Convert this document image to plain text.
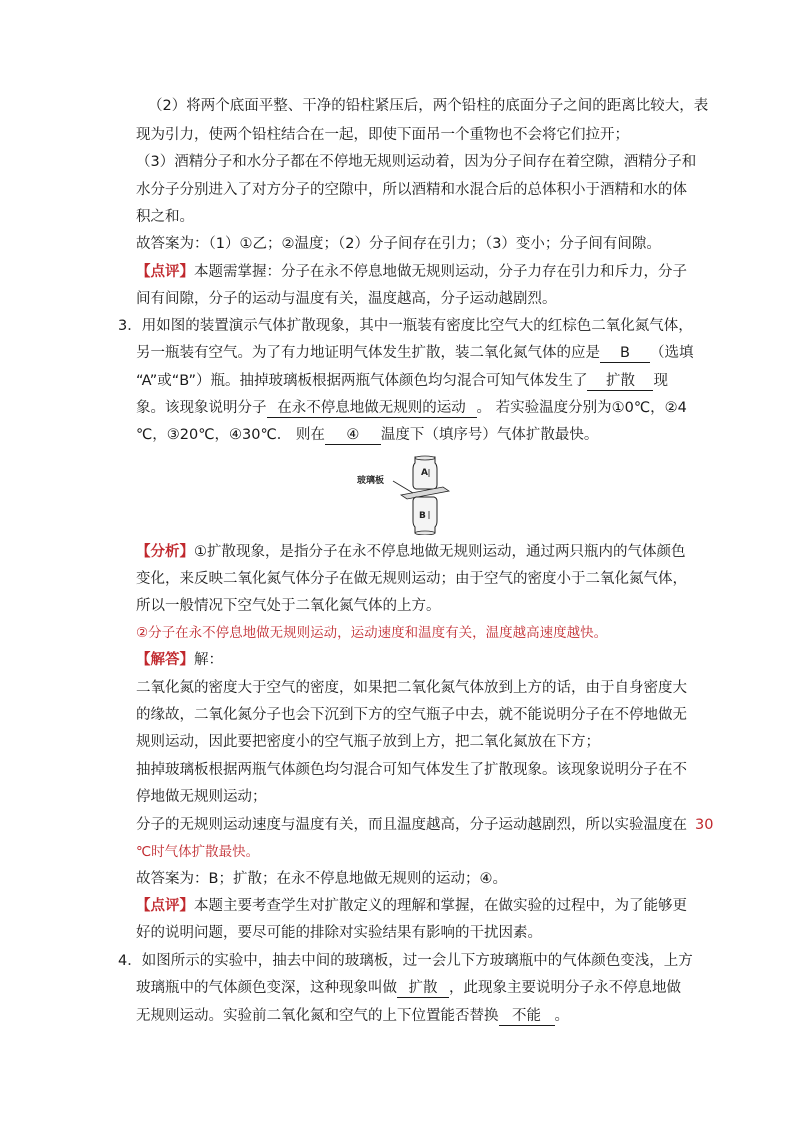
（2）将两个底面平整、干净的铅柱紧压后，两个铅柱的底面分子之间的距离比较大，表
现为引力，使两个铅柱结合在一起，即使下面吊一个重物也不会将它们拉开；
（3）酒精分子和水分子都在不停地无规则运动着，因为分子间存在着空隙，酒精分子和
水分子分别进入了对方分子的空隙中，所以酒精和水混合后的总体积小于酒精和水的体
积之和。
故答案为：（1）①乙；②温度；（2）分子间存在引力；（3）变小；分子间有间隙。
【点评】本题需掌握：分子在永不停息地做无规则运动，分子力存在引力和斥力，分子
间有间隙，分子的运动与温度有关，温度越高，分子运动越剧烈。
3．用如图的装置演示气体扩散现象，其中一瓶装有密度比空气大的红棕色二氧化氮气体，
另一瓶装有空气。为了有力地证明气体发生扩散，装二氧化氮气体的应是 B （选填
“A”或“B”）瓶。抽掉玻璃板根据两瓶气体颜色均匀混合可知气体发生了 扩散 现
象。该现象说明分子 在永不停息地做无规则的运动 。 若实验温度分别为①0℃，②4
℃，③20℃，④30℃． 则在 ④ 温度下（填序号）气体扩散最快。
A
玻璃板
B
【分析】①扩散现象，是指分子在永不停息地做无规则运动，通过两只瓶内的气体颜色
变化，来反映二氧化氮气体分子在做无规则运动；由于空气的密度小于二氧化氮气体，
所以一般情况下空气处于二氧化氮气体的上方。
②分子在永不停息地做无规则运动，运动速度和温度有关，温度越高速度越快。
【解答】解：
二氧化氮的密度大于空气的密度，如果把二氧化氮气体放到上方的话，由于自身密度大
的缘故，二氧化氮分子也会下沉到下方的空气瓶子中去，就不能说明分子在不停地做无
规则运动，因此要把密度小的空气瓶子放到上方，把二氧化氮放在下方；
抽掉玻璃板根据两瓶气体颜色均匀混合可知气体发生了扩散现象。该现象说明分子在不
停地做无规则运动；
分子的无规则运动速度与温度有关，而且温度越高，分子运动越剧烈，所以实验温度在 30
℃时气体扩散最快。
故答案为：B；扩散；在永不停息地做无规则的运动；④。
【点评】本题主要考查学生对扩散定义的理解和掌握，在做实验的过程中，为了能够更
好的说明问题，要尽可能的排除对实验结果有影响的干扰因素。
4．如图所示的实验中，抽去中间的玻璃板，过一会儿下方玻璃瓶中的气体颜色变浅，上方
玻璃瓶中的气体颜色变深，这种现象叫做 扩散 ，此现象主要说明分子永不停息地做
无规则运动。实验前二氧化氮和空气的上下位置能否替换 不能 。
